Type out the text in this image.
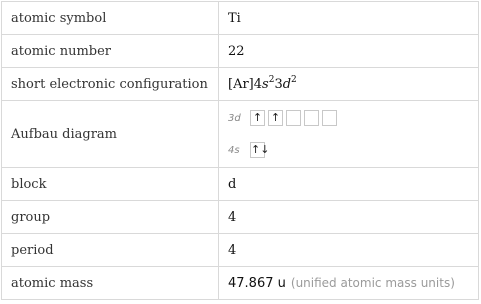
atomic symbol	Ti
atomic number	22
short electronic configuration	$[Ar]4s^23d^2$
Aufbau diagram	3d ↑ ↑
4s ↑↓

block	d
group	4
period	4
atomic mass	47.867 u (unified atomic mass units)
